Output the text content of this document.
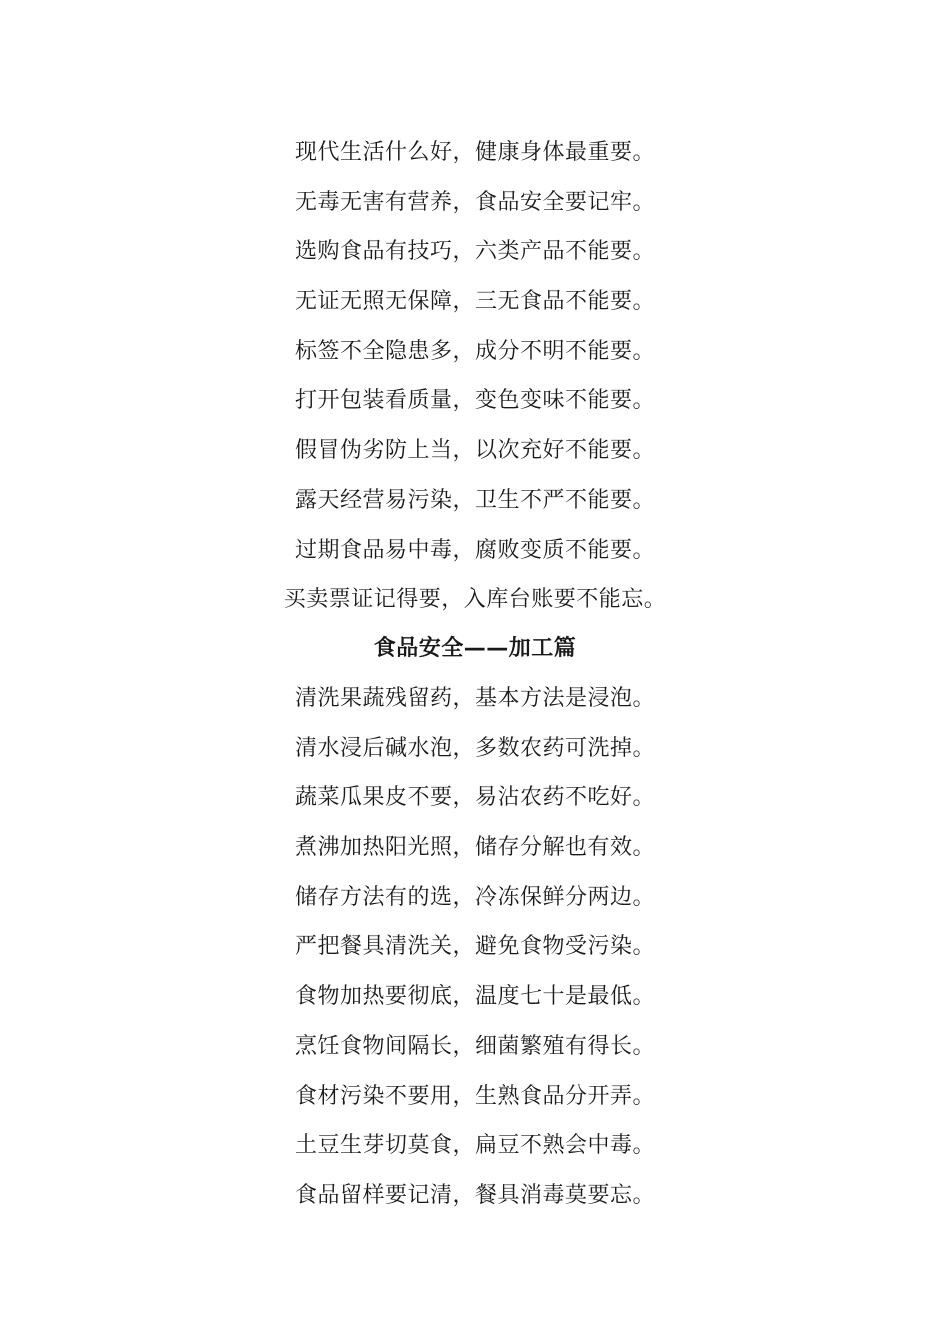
现代生活什么好，健康身体最重要。
无毒无害有营养，食品安全要记牢。
选购食品有技巧，六类产品不能要。
无证无照无保障，三无食品不能要。
标签不全隐患多，成分不明不能要。
打开包装看质量，变色变味不能要。
假冒伪劣防上当，以次充好不能要。
露天经营易污染，卫生不严不能要。
过期食品易中毒，腐败变质不能要。
买卖票证记得要，入库台账要不能忘。
食品安全——加工篇
清洗果蔬残留药，基本方法是浸泡。
清水浸后碱水泡，多数农药可洗掉。
蔬菜瓜果皮不要，易沾农药不吃好。
煮沸加热阳光照，储存分解也有效。
储存方法有的选，冷冻保鲜分两边。
严把餐具清洗关，避免食物受污染。
食物加热要彻底，温度七十是最低。
烹饪食物间隔长，细菌繁殖有得长。
食材污染不要用，生熟食品分开弄。
土豆生芽切莫食，扁豆不熟会中毒。
食品留样要记清，餐具消毒莫要忘。
